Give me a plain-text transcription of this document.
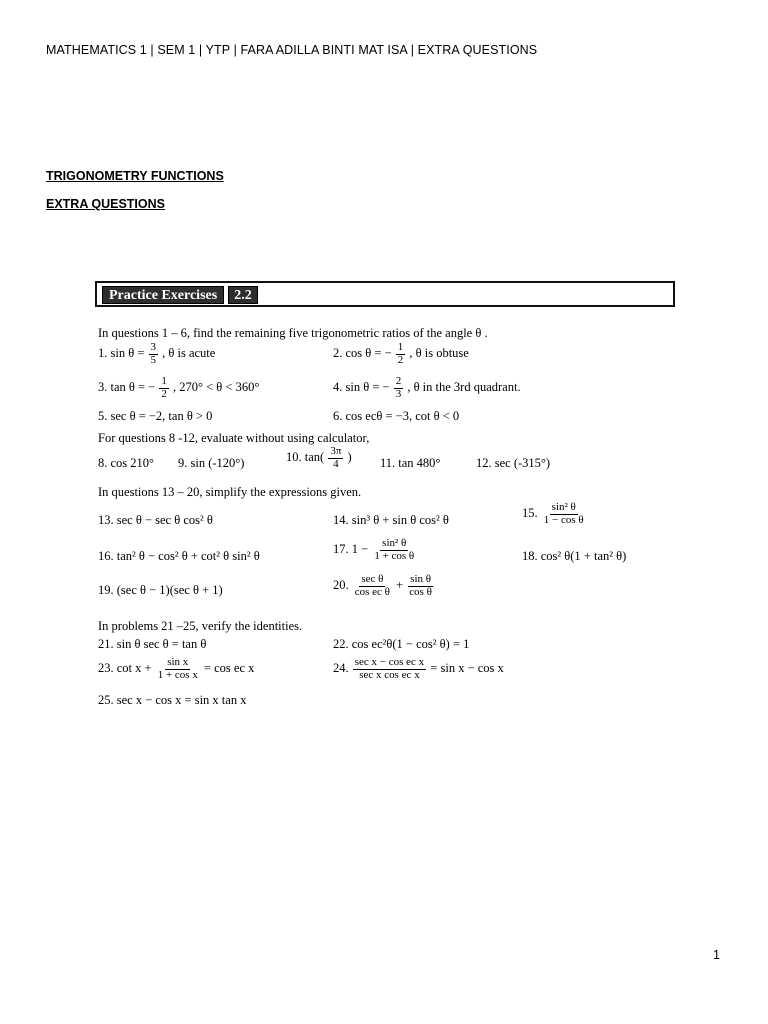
MATHEMATICS 1 | SEM 1 | YTP | FARA ADILLA BINTI MAT ISA | EXTRA QUESTIONS
TRIGONOMETRY FUNCTIONS
EXTRA QUESTIONS
Practice Exercises	2.2
In questions 1 – 6, find the remaining five trigonometric ratios of the angle θ .
1. $\sin \theta = \frac{3}{5}$ , θ is acute	2. cos θ = − $\frac{1}{2}$ , θ is obtuse
3. tan θ = − $\frac{1}{2}$ , 270° < θ < 360°	4. sin θ = − $\frac{2}{3}$ , θ in the 3rd quadrant.
5. sec θ = −2, tan θ > 0	6. cos ecθ = −3, cot θ < 0
For questions 8 -12, evaluate without using calculator,
8. cos 210° 9. sin (-120°)	10. $\tan( \frac{3\pi}{4}$ ) 11. tan 480°	12. sec (-315°)
In questions 13 – 20, simplify the expressions given.
13. sec θ − sec θ cos² θ	14. sin³ θ + sin θ cos² θ
15. $\frac{\text{sin² θ}}{\text{1 − cos θ}}$
16. tan² θ − cos² θ + cot² θ sin² θ
17. $1 - \frac{\text{sin² θ}}{\text{1 + cos θ}}$	18. cos² θ(1 + tan² θ)
19. (sec θ − 1)(sec θ + 1)	20. $\frac{\text{sec θ}}{\text{cos ec θ}} + \frac{\text{sin θ}}{\text{cos θ}}$
In problems 21 –25, verify the identities.
21. sin θ sec θ = tan θ	22. cos ec²θ(1 − cos² θ) = 1
23. $\cot x + \frac{\text{sin x}}{\text{1 + cos x}} = \cos$ ec x	24. $\frac{\text{sec x − cos ec x}}{\text{sec x cos ec x}} = \sin x - \cos x$
25. sec x − cos x = sin x tan x
1
